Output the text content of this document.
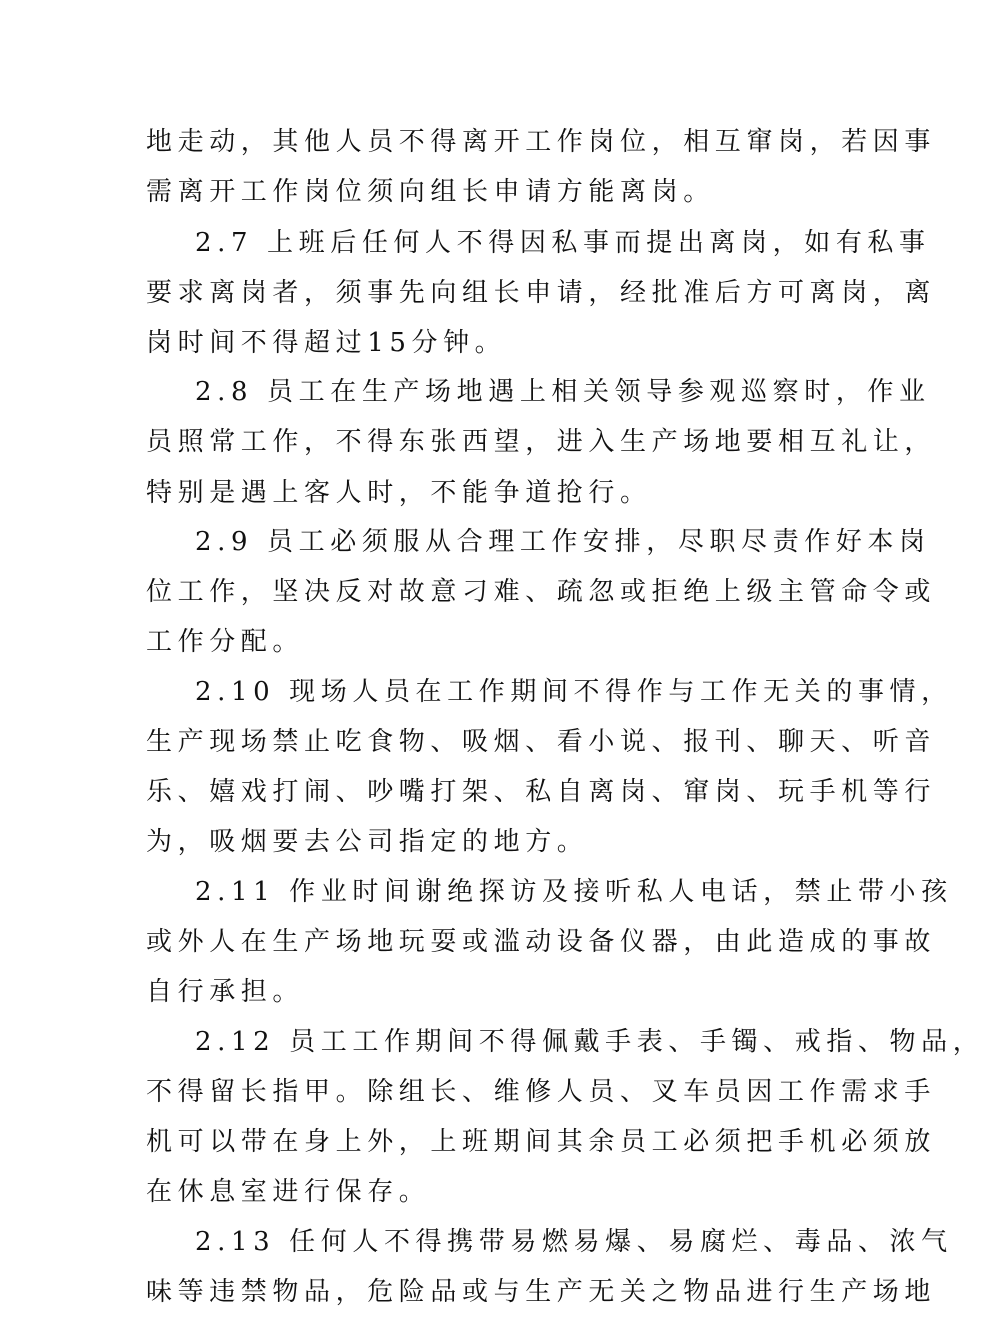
地走动，其他人员不得离开工作岗位，相互窜岗，若因事
需离开工作岗位须向组长申请方能离岗。
2.7 上班后任何人不得因私事而提出离岗，如有私事
要求离岗者，须事先向组长申请，经批准后方可离岗，离
岗时间不得超过15分钟。
2.8 员工在生产场地遇上相关领导参观巡察时，作业
员照常工作，不得东张西望，进入生产场地要相互礼让，
特别是遇上客人时，不能争道抢行。
2.9 员工必须服从合理工作安排，尽职尽责作好本岗
位工作，坚决反对故意刁难、疏忽或拒绝上级主管命令或
工作分配。
2.10 现场人员在工作期间不得作与工作无关的事情，
生产现场禁止吃食物、吸烟、看小说、报刊、聊天、听音
乐、嬉戏打闹、吵嘴打架、私自离岗、窜岗、玩手机等行
为，吸烟要去公司指定的地方。
2.11 作业时间谢绝探访及接听私人电话，禁止带小孩
或外人在生产场地玩耍或滥动设备仪器，由此造成的事故
自行承担。
2.12 员工工作期间不得佩戴手表、手镯、戒指、物品，
不得留长指甲。除组长、维修人员、叉车员因工作需求手
机可以带在身上外，上班期间其余员工必须把手机必须放
在休息室进行保存。
2.13 任何人不得携带易燃易爆、易腐烂、毒品、浓气
味等违禁物品，危险品或与生产无关之物品进行生产场地
